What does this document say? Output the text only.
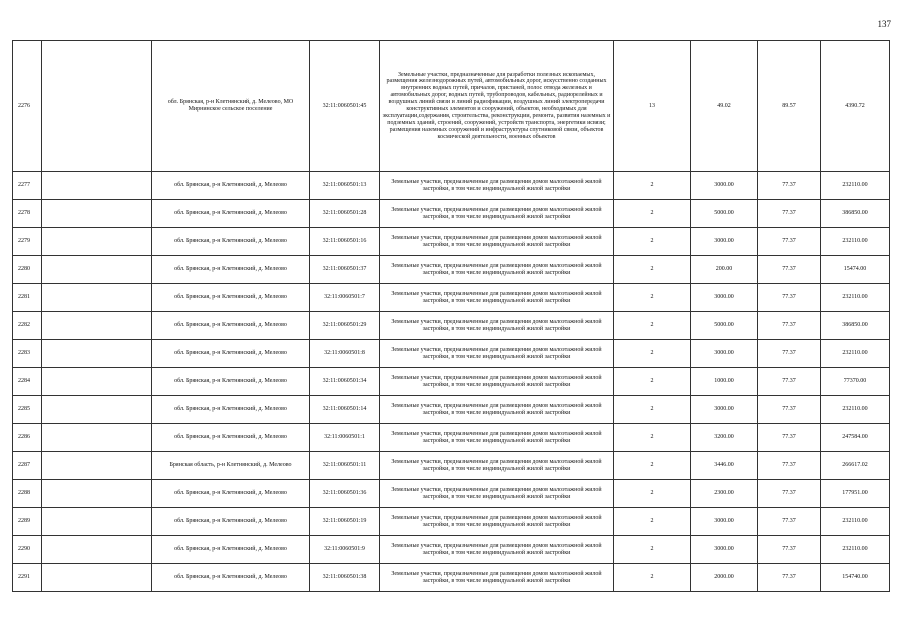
137
2276		обл. Брянская, р-н Клетнянский, д. Мелеово, МО Мирнинское сельское поселение	32:11:0060501:45	Земельные участки, предназначенные для разработки полезных ископаемых, размещения железнодорожных путей, автомобильных дорог, искусственно созданных внутренних водных путей, причалов, пристаней, полос отвода железных и автомобильных дорог, водных путей, трубопроводов, кабельных, радиорелейных и воздушных линий связи и линий радиофикации, воздушных линий электропередачи конструктивных элементов и сооружений, объектов, необходимых для эксплуатации,содержания, строительства, реконструкции, ремонта, развития наземных и подземных зданий, строений, сооружений, устройств транспорта, энергетики исвязи; размещения наземных сооружений и инфраструктуры спутниковой связи, объектов космической деятельности, военных объектов	13	49.02	89.57	4390.72
2277		обл. Брянская, р-н Клетнянский, д. Мелеово	32:11:0060501:13	Земельные участки, предназначенные для размещения домов малоэтажной жилой застройки, в том числе индивидуальной жилой застройки	2	3000.00	77.37	232110.00
2278		обл. Брянская, р-н Клетнянский, д. Мелеово	32:11:0060501:28	Земельные участки, предназначенные для размещения домов малоэтажной жилой застройки, в том числе индивидуальной жилой застройки	2	5000.00	77.37	386850.00
2279		обл. Брянская, р-н Клетнянский, д. Мелеово	32:11:0060501:16	Земельные участки, предназначенные для размещения домов малоэтажной жилой застройки, в том числе индивидуальной жилой застройки	2	3000.00	77.37	232110.00
2280		обл. Брянская, р-н Клетнянский, д. Мелеово	32:11:0060501:37	Земельные участки, предназначенные для размещения домов малоэтажной жилой застройки, в том числе индивидуальной жилой застройки	2	200.00	77.37	15474.00
2281		обл. Брянская, р-н Клетнянский, д. Мелеово	32:11:0060501:7	Земельные участки, предназначенные для размещения домов малоэтажной жилой застройки, в том числе индивидуальной жилой застройки	2	3000.00	77.37	232110.00
2282		обл. Брянская, р-н Клетнянский, д. Мелеово	32:11:0060501:29	Земельные участки, предназначенные для размещения домов малоэтажной жилой застройки, в том числе индивидуальной жилой застройки	2	5000.00	77.37	386850.00
2283		обл. Брянская, р-н Клетнянский, д. Мелеово	32:11:0060501:8	Земельные участки, предназначенные для размещения домов малоэтажной жилой застройки, в том числе индивидуальной жилой застройки	2	3000.00	77.37	232110.00
2284		обл. Брянская, р-н Клетнянский, д. Мелеово	32:11:0060501:34	Земельные участки, предназначенные для размещения домов малоэтажной жилой застройки, в том числе индивидуальной жилой застройки	2	1000.00	77.37	77370.00
2285		обл. Брянская, р-н Клетнянский, д. Мелеово	32:11:0060501:14	Земельные участки, предназначенные для размещения домов малоэтажной жилой застройки, в том числе индивидуальной жилой застройки	2	3000.00	77.37	232110.00
2286		обл. Брянская, р-н Клетнянский, д. Мелеово	32:11:0060501:1	Земельные участки, предназначенные для размещения домов малоэтажной жилой застройки, в том числе индивидуальной жилой застройки	2	3200.00	77.37	247584.00
2287		Брянская область, р-н Клетнянский, д. Мелеово	32:11:0060501:11	Земельные участки, предназначенные для размещения домов малоэтажной жилой застройки, в том числе индивидуальной жилой застройки	2	3446.00	77.37	266617.02
2288		обл. Брянская, р-н Клетнянский, д. Мелеово	32:11:0060501:36	Земельные участки, предназначенные для размещения домов малоэтажной жилой застройки, в том числе индивидуальной жилой застройки	2	2300.00	77.37	177951.00
2289		обл. Брянская, р-н Клетнянский, д. Мелеово	32:11:0060501:19	Земельные участки, предназначенные для размещения домов малоэтажной жилой застройки, в том числе индивидуальной жилой застройки	2	3000.00	77.37	232110.00
2290		обл. Брянская, р-н Клетнянский, д. Мелеово	32:11:0060501:9	Земельные участки, предназначенные для размещения домов малоэтажной жилой застройки, в том числе индивидуальной жилой застройки	2	3000.00	77.37	232110.00
2291		обл. Брянская, р-н Клетнянский, д. Мелеово	32:11:0060501:38	Земельные участки, предназначенные для размещения домов малоэтажной жилой застройки, в том числе индивидуальной жилой застройки	2	2000.00	77.37	154740.00
